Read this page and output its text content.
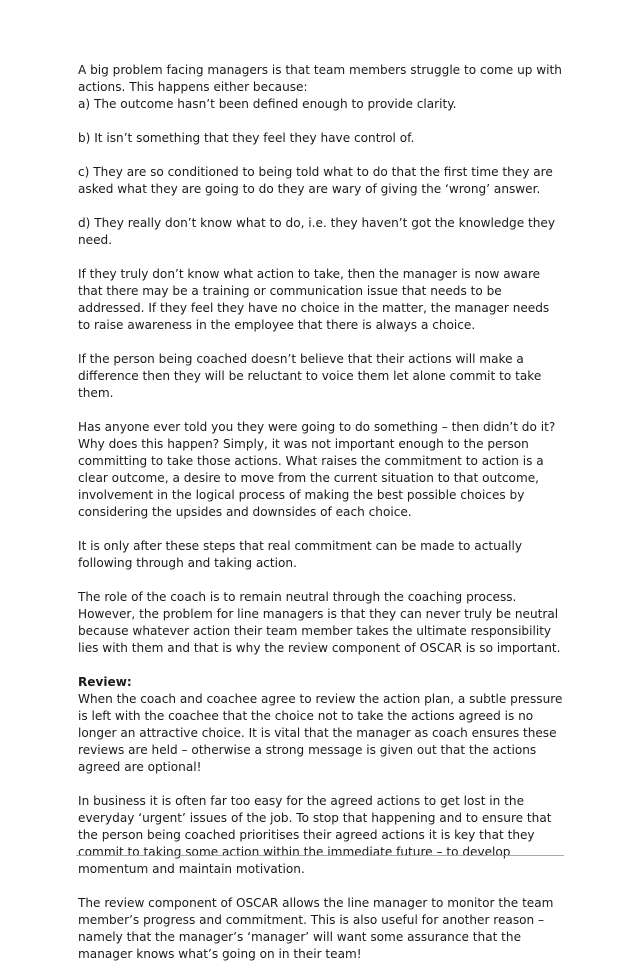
A big problem facing managers is that team members struggle to come up with actions. This happens either because:

a) The outcome hasn’t been defined enough to provide clarity.

b) It isn’t something that they feel they have control of.

c) They are so conditioned to being told what to do that the first time they are asked what they are going to do they are wary of giving the ‘wrong’ answer.

d) They really don’t know what to do, i.e. they haven’t got the knowledge they need.

If they truly don’t know what action to take, then the manager is now aware that there may be a training or communication issue that needs to be addressed. If they feel they have no choice in the matter, the manager needs to raise awareness in the employee that there is always a choice.

If the person being coached doesn’t believe that their actions will make a difference then they will be reluctant to voice them let alone commit to take them.

Has anyone ever told you they were going to do something – then didn’t do it? Why does this happen? Simply, it was not important enough to the person committing to take those actions. What raises the commitment to action is a clear outcome, a desire to move from the current situation to that outcome, involvement in the logical process of making the best possible choices by considering the upsides and downsides of each choice.

It is only after these steps that real commitment can be made to actually following through and taking action.

The role of the coach is to remain neutral through the coaching process. However, the problem for line managers is that they can never truly be neutral because whatever action their team member takes the ultimate responsibility lies with them and that is why the review component of OSCAR is so important.

Review:

When the coach and coachee agree to review the action plan, a subtle pressure is left with the coachee that the choice not to take the actions agreed is no longer an attractive choice. It is vital that the manager as coach ensures these reviews are held – otherwise a strong message is given out that the actions agreed are optional!

In business it is often far too easy for the agreed actions to get lost in the everyday ‘urgent’ issues of the job. To stop that happening and to ensure that the person being coached prioritises their agreed actions it is key that they commit to taking some action within the immediate future – to develop momentum and maintain motivation.

The review component of OSCAR allows the line manager to monitor the team member’s progress and commitment. This is also useful for another reason – namely that the manager’s ‘manager’ will want some assurance that the manager knows what’s going on in their team!
